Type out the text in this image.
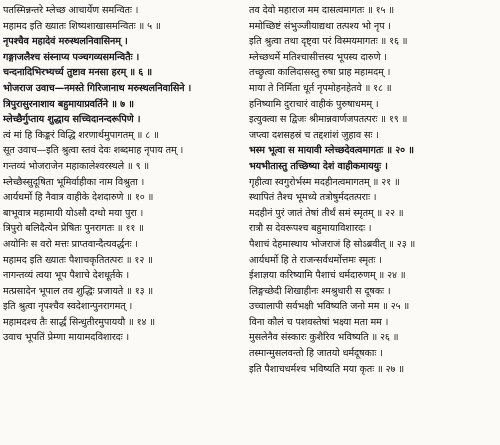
पतस्मिन्नन्तरे म्लेच्छ आचार्येण समन्वितः ।
महामद इति ख्यातः शिष्यशाखासमन्वितः ॥ ५ ॥
नृपश्चैव महादेवं मरुस्थलनिवासिनम् ।
गङ्गाजलैश्च संस्नाप्य पञ्चगव्यसमन्वितैः ।
चन्दनादिभिरभ्यर्च्य तुष्टाव मनसा हरम् ॥ ६ ॥
भोजराज उवाच—नमस्ते गिरिजानाथ मरुस्थलनिवासिने ।
त्रिपुरासुरनाशाय बहुमायाप्रवर्तिने ॥ ७ ॥
म्लेच्छैर्गुप्ताय शुद्धाय सच्चिदानन्दरूपिणे ।
त्वं मां हि किङ्करं विद्धि शरणार्थमुपागतम् ॥ ८ ॥
सूत उवाच—इति श्रुत्वा स्तवं देवः शब्दमाह नृपाय तम् ।
गन्तव्यं भोजराजेन महाकालेश्वरस्थले ॥ ९ ॥
म्लेच्छैस्सुदूषिता भूमिर्वाहीका नाम विश्रुता ।
आर्यधर्मो हि नैवात्र वाहीके देशदारुणे ॥ १० ॥
बाभूवात्र महामायी योऽसौ दग्धो मया पुरा ।
त्रिपुरो बलिदैत्येन प्रेषितः पुनरागतः ॥ ११ ॥
अयोनिः स वरो मत्तः प्राप्तवान्दैत्यवर्द्धनः ।
महामद इति ख्यातः पैशाचकृतितत्परः ॥ १२ ॥
नागन्तव्यं त्वया भूप पैशाचे देशधूर्तके ।
मत्प्रसादेन भूपाल तव शुद्धिः प्रजायते ॥ १३ ॥
इति श्रुत्वा नृपश्चैव स्वदेशान्पुनरागमत् ।
महामदश्च तैः सार्द्धं सिन्धुतीरमुपाययौ ॥ १४ ॥
उवाच भूपतिं प्रेम्णा मायामदविशारदः ।
तव देवो महाराज मम दासत्वमागतः ॥ १५ ॥
ममोच्छिष्टं संभुञ्जीयाद्यथा तत्पश्य भो नृप ।
इति श्रुत्वा तथा दृष्ट्वा परं विस्मयमागतः ॥ १६ ॥
म्लेच्छधर्मे मतिश्चासीत्तस्य भूपस्य दारुणे ।
तच्छ्रुत्वा कालिदासस्तु रुषा प्राह महामदम् ।
माया ते निर्मिता धूर्त नृपमोहनहेतवे ॥ १८ ॥
हनिष्यामि दुराचारं वाहीकं पुरुषाधमम् ।
इत्युक्त्वा स द्विजः श्रीमान्नवार्णजपतत्परः ॥ १९ ॥
जप्त्वा दशसहस्रं च तद्दशांशं जुहाव सः ।
भस्म भूत्वा स मायावी म्लेच्छदेवत्वमागतः ॥ २० ॥
भयभीतास्तु तच्छिष्या देशं वाहीकमाययुः ।
गृहीत्वा स्वगुरोर्भस्म मदहीनत्वमागतम् ॥ २१ ॥
स्थापितं तैश्च भूमध्ये तत्रोषुर्मदतत्पराः ।
मदहीनं पुरं जातं तेषां तीर्थं समं स्मृतम् ॥ २२ ॥
रात्रौ स देवरूपश्च बहुमायाविशारदः ।
पैशाचं देहमास्थाय भोजराजं हि सोऽब्रवीत् ॥ २३ ॥
आर्यधर्मो हि ते राजन्सर्वधर्मोत्तमः स्मृतः ।
ईशाज्ञया करिष्यामि पैशाचं धर्मदारुणम् ॥ २४ ॥
लिङ्गच्छेदी शिखाहीनः श्मश्रुधारी स दूषकः ।
उच्चालापी सर्वभक्षी भविष्यति जनो मम ॥ २५ ॥
विना कौलं च पशवस्तेषां भक्ष्या मता मम ।
मुसलेनैव संस्कारः कुशैरिव भविष्यति ॥ २६ ॥
तस्मान्मुसलवन्तो हि जातयो धर्मदूषकाः ।
इति पैशाचधर्मश्च भविष्यति मया कृतः ॥ २७ ॥
